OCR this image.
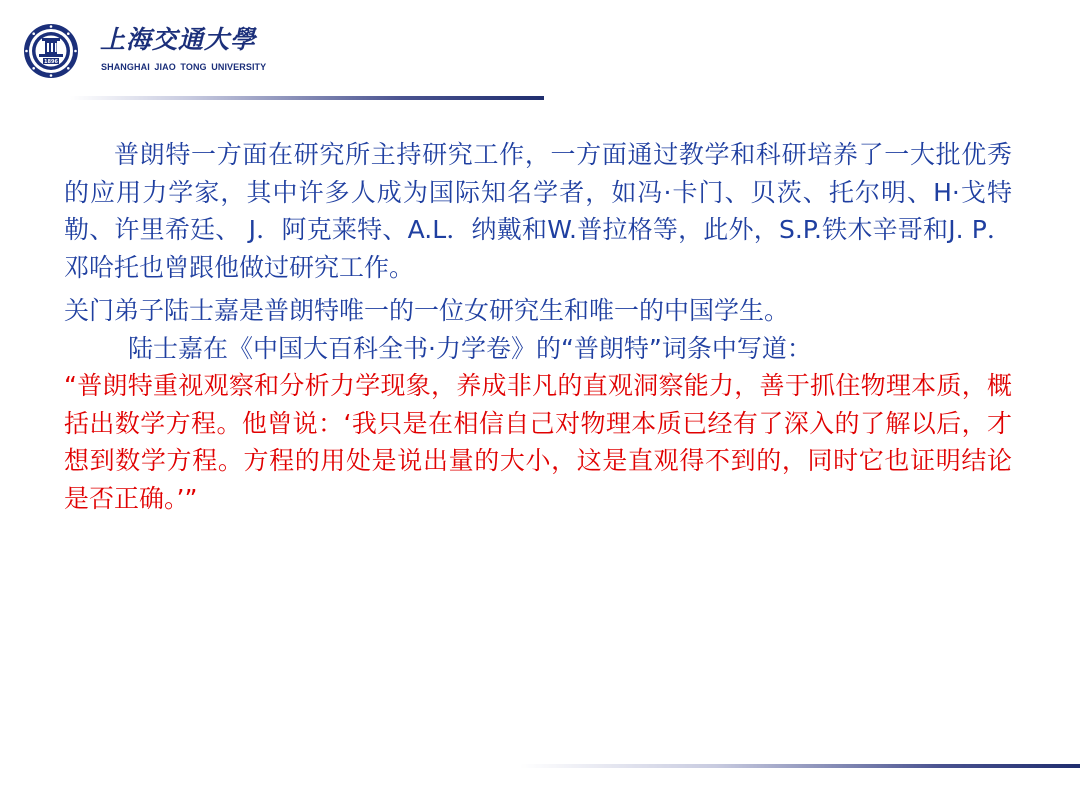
1896
上海交通大學
SHANGHAI JIAO TONG UNIVERSITY

普朗特一方面在研究所主持研究工作，一方面通过教学和科研培养了一大批优秀的应用力学家，其中许多人成为国际知名学者，如冯·卡门、贝茨、托尔明、H·戈特勒、许里希廷、 J．阿克莱特、A.L．纳戴和W.普拉格等，此外，S.P.铁木辛哥和J. P．邓哈托也曾跟他做过研究工作。

关门弟子陆士嘉是普朗特唯一的一位女研究生和唯一的中国学生。

陆士嘉在《中国大百科全书·力学卷》的“普朗特”词条中写道：

“普朗特重视观察和分析力学现象，养成非凡的直观洞察能力，善于抓住物理本质，概括出数学方程。他曾说：‘我只是在相信自己对物理本质已经有了深入的了解以后，才想到数学方程。方程的用处是说出量的大小，这是直观得不到的，同时它也证明结论是否正确。’”
